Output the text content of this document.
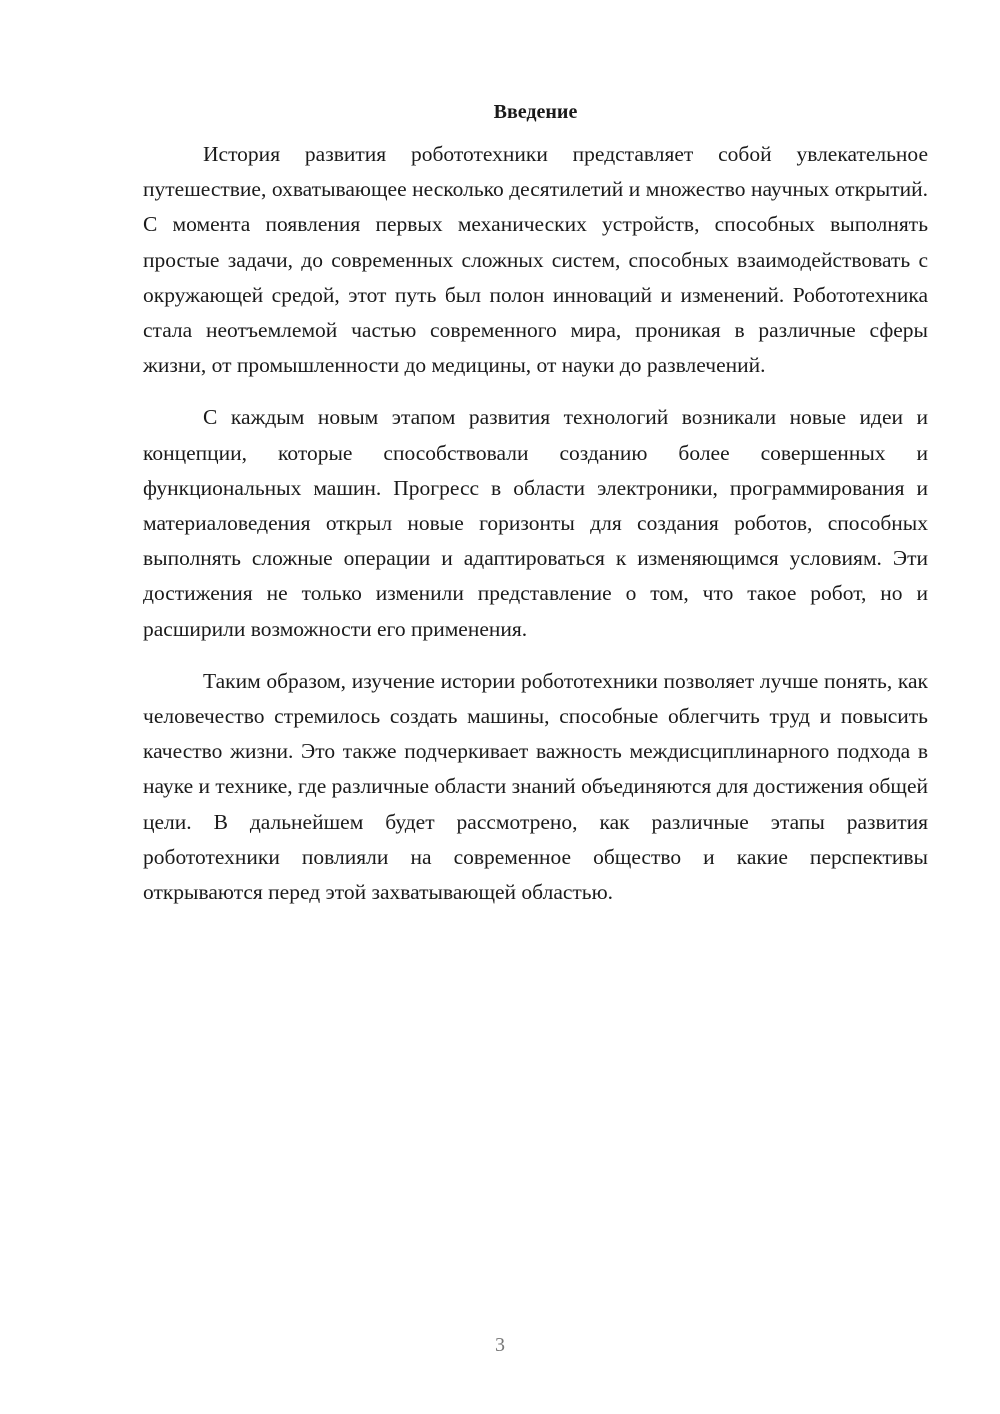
Введение

История развития робототехники представляет собой увлекательное путешествие, охватывающее несколько десятилетий и множество научных открытий. С момента появления первых механических устройств, способных выполнять простые задачи, до современных сложных систем, способных взаимодействовать с окружающей средой, этот путь был полон инноваций и изменений. Робототехника стала неотъемлемой частью современного мира, проникая в различные сферы жизни, от промышленности до медицины, от науки до развлечений.

С каждым новым этапом развития технологий возникали новые идеи и концепции, которые способствовали созданию более совершенных и функциональных машин. Прогресс в области электроники, программирования и материаловедения открыл новые горизонты для создания роботов, способных выполнять сложные операции и адаптироваться к изменяющимся условиям. Эти достижения не только изменили представление о том, что такое робот, но и расширили возможности его применения.

Таким образом, изучение истории робототехники позволяет лучше понять, как человечество стремилось создать машины, способные облегчить труд и повысить качество жизни. Это также подчеркивает важность междисциплинарного подхода в науке и технике, где различные области знаний объединяются для достижения общей цели. В дальнейшем будет рассмотрено, как различные этапы развития робототехники повлияли на современное общество и какие перспективы открываются перед этой захватывающей областью.

3
